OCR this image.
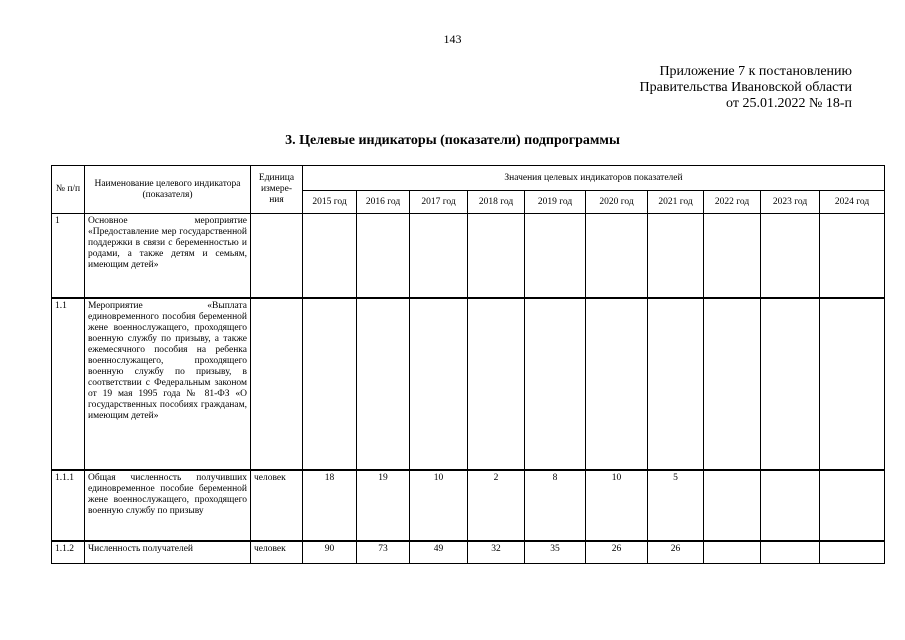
143
Приложение 7 к постановлению
Правительства Ивановской области
от 25.01.2022 № 18-п
3. Целевые индикаторы (показатели) подпрограммы
№ п/п	Наименование целевого индикатора (показателя)	Единица измере-ния	Значения целевых индикаторов показателей									
			2015 год	2016 год	2017 год	2018 год	2019 год	2020 год	2021 год	2022 год	2023 год	2024 год
1	Основное мероприятие «Предоставление мер государственной поддержки в связи с беременностью и родами, а также детям и семьям, имеющим детей»											
1.1	Мероприятие «Выплата единовременного пособия беременной жене военнослужащего, проходящего военную службу по призыву, а также ежемесячного пособия на ребенка военнослужащего, проходящего военную службу по призыву, в соответствии с Федеральным законом от 19 мая 1995 года № 81-ФЗ «О государственных пособиях гражданам, имеющим детей»											
1.1.1	Общая численность получивших единовременное пособие беременной жене военнослужащего, проходящего военную службу по призыву	человек	18	19	10	2	8	10	5			
1.1.2	Численность получателей	человек	90	73	49	32	35	26	26			
